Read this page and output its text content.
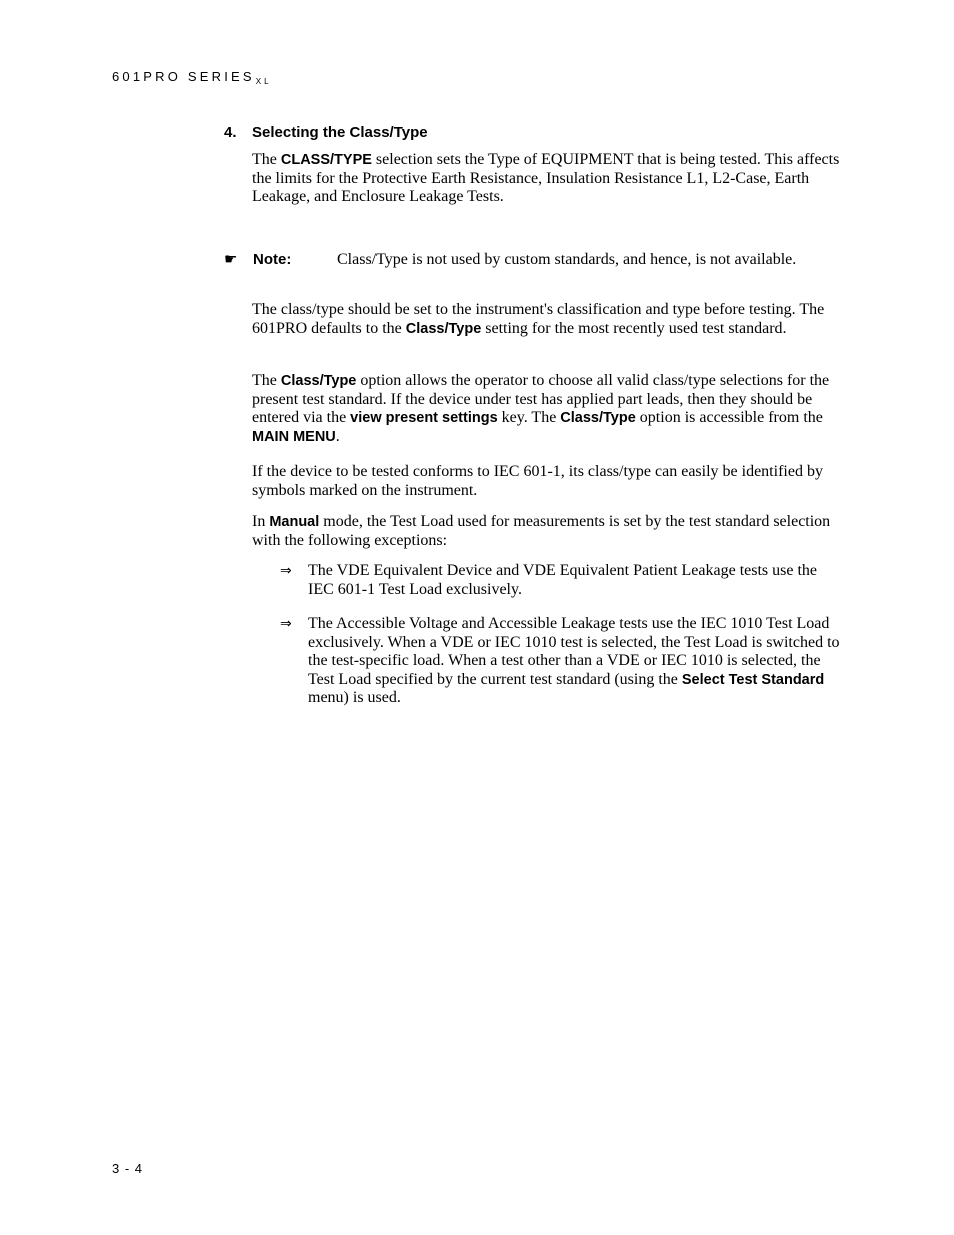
601PRO $SERIES_{XL}$
4. Selecting the Class/Type
The CLASS/TYPE selection sets the Type of EQUIPMENT that is being tested. This affects the limits for the Protective Earth Resistance, Insulation Resistance L1, L2-Case, Earth Leakage, and Enclosure Leakage Tests.
☛ Note:	Class/Type is not used by custom standards, and hence, is not available.
The class/type should be set to the instrument's classification and type before testing. The 601PRO defaults to the Class/Type setting for the most recently used test standard.
The Class/Type option allows the operator to choose all valid class/type selections for the present test standard. If the device under test has applied part leads, then they should be entered via the view present settings key. The Class/Type option is accessible from the MAIN MENU.
If the device to be tested conforms to IEC 601-1, its class/type can easily be identified by symbols marked on the instrument.
In Manual mode, the Test Load used for measurements is set by the test standard selection with the following exceptions:
⇒ The VDE Equivalent Device and VDE Equivalent Patient Leakage tests use the IEC 601-1 Test Load exclusively.
⇒ The Accessible Voltage and Accessible Leakage tests use the IEC 1010 Test Load exclusively. When a VDE or IEC 1010 test is selected, the Test Load is switched to the test-specific load. When a test other than a VDE or IEC 1010 is selected, the Test Load specified by the current test standard (using the Select Test Standard menu) is used.
3 - 4
